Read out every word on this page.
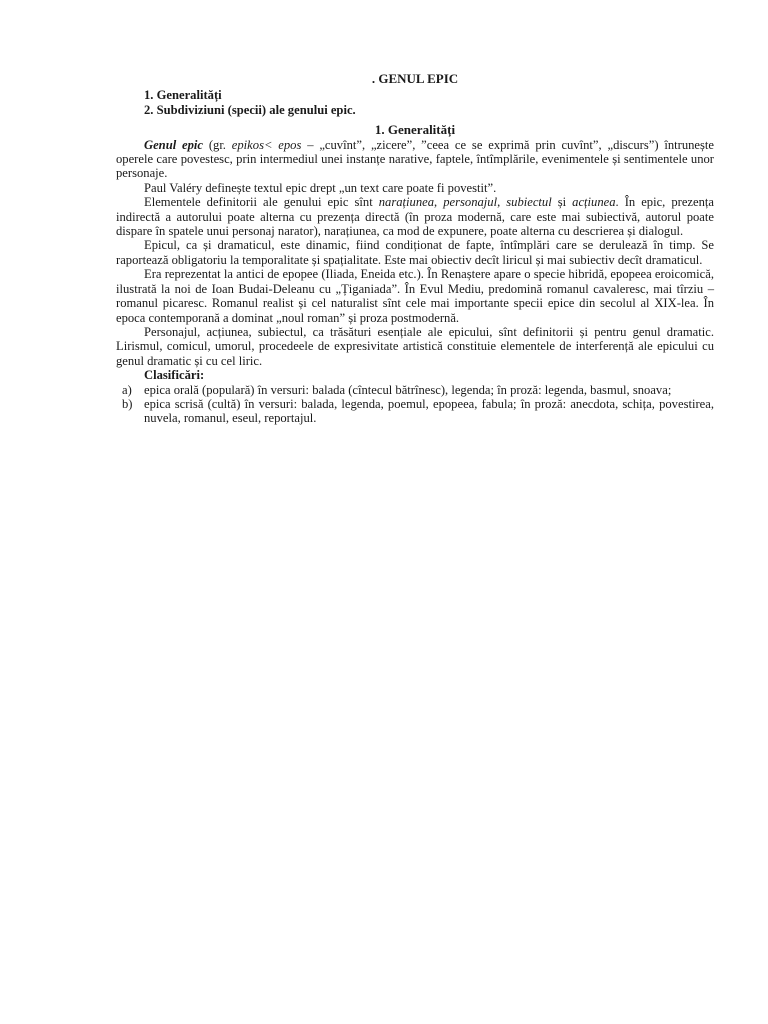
. GENUL EPIC
1. Generalități
2. Subdiviziuni (specii) ale genului epic.
1. Generalități

Genul epic (gr. epikos< epos – „cuvînt”, „zicere”, ”ceea ce se exprimă prin cuvînt”, „discurs”) întrunește operele care povestesc, prin intermediul unei instanțe narative, faptele, întîmplările, evenimentele și sentimentele unor personaje.

Paul Valéry definește textul epic drept „un text care poate fi povestit”.

Elementele definitorii ale genului epic sînt narațiunea, personajul, subiectul și acțiunea. În epic, prezența indirectă a autorului poate alterna cu prezența directă (în proza modernă, care este mai subiectivă, autorul poate dispare în spatele unui personaj narator), narațiunea, ca mod de expunere, poate alterna cu descrierea și dialogul.

Epicul, ca și dramaticul, este dinamic, fiind condiționat de fapte, întîmplări care se derulează în timp. Se raportează obligatoriu la temporalitate și spațialitate. Este mai obiectiv decît liricul și mai subiectiv decît dramaticul.

Era reprezentat la antici de epopee (Iliada, Eneida etc.). În Renaștere apare o specie hibridă, epopeea eroicomică, ilustrată la noi de Ioan Budai-Deleanu cu „Țiganiada”. În Evul Mediu, predomină romanul cavaleresc, mai tîrziu – romanul picaresc. Romanul realist și cel naturalist sînt cele mai importante specii epice din secolul al XIX-lea. În epoca contemporană a dominat „noul roman” și proza postmodernă.

Personajul, acțiunea, subiectul, ca trăsături esențiale ale epicului, sînt definitorii și pentru genul dramatic. Lirismul, comicul, umorul, procedeele de expresivitate artistică constituie elementele de interferență ale epicului cu genul dramatic și cu cel liric.

Clasificări:
a) epica orală (populară) în versuri: balada (cîntecul bătrînesc), legenda; în proză: legenda, basmul, snoava;
b) epica scrisă (cultă) în versuri: balada, legenda, poemul, epopeea, fabula; în proză: anecdota, schița, povestirea, nuvela, romanul, eseul, reportajul.
